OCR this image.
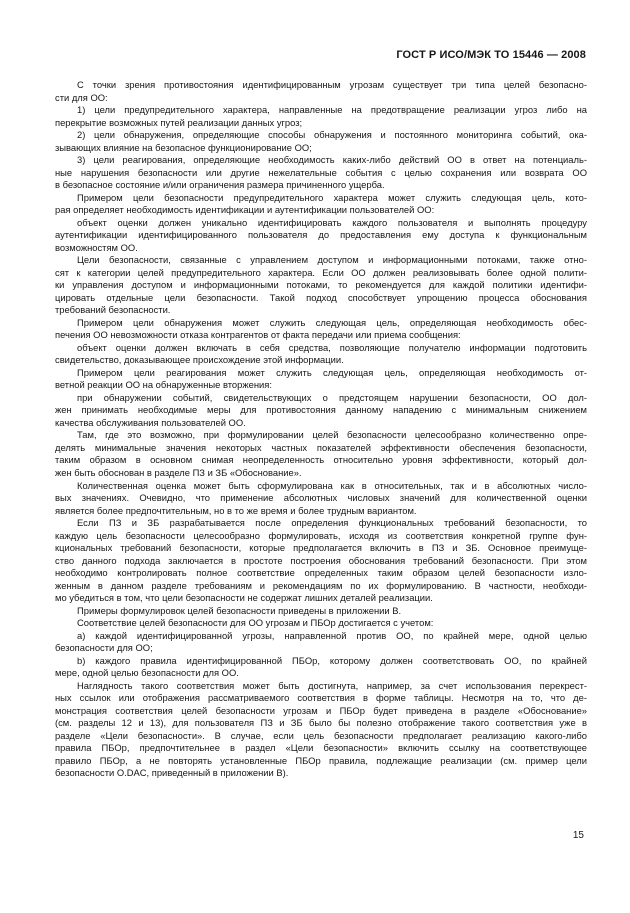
ГОСТ Р ИСО/МЭК ТО 15446 — 2008

С точки зрения противостояния идентифицированным угрозам существует три типа целей безопасно-
сти для ОО:

1) цели предупредительного характера, направленные на предотвращение реализации угроз либо на
перекрытие возможных путей реализации данных угроз;

2) цели обнаружения, определяющие способы обнаружения и постоянного мониторинга событий, ока-
зывающих влияние на безопасное функционирование ОО;

3) цели реагирования, определяющие необходимость каких-либо действий ОО в ответ на потенциаль-
ные нарушения безопасности или другие нежелательные события с целью сохранения или возврата ОО
в безопасное состояние и/или ограничения размера причиненного ущерба.

Примером цели безопасности предупредительного характера может служить следующая цель, кото-
рая определяет необходимость идентификации и аутентификации пользователей ОО:

объект оценки должен уникально идентифицировать каждого пользователя и выполнять процедуру
аутентификации идентифицированного пользователя до предоставления ему доступа к функциональным
возможностям ОО.

Цели безопасности, связанные с управлением доступом и информационными потоками, также отно-
сят к категории целей предупредительного характера. Если ОО должен реализовывать более одной полити-
ки управления доступом и информационными потоками, то рекомендуется для каждой политики идентифи-
цировать отдельные цели безопасности. Такой подход способствует упрощению процесса обоснования
требований безопасности.

Примером цели обнаружения может служить следующая цель, определяющая необходимость обес-
печения ОО невозможности отказа контрагентов от факта передачи или приема сообщения:

объект оценки должен включать в себя средства, позволяющие получателю информации подготовить
свидетельство, доказывающее происхождение этой информации.

Примером цели реагирования может служить следующая цель, определяющая необходимость от-
ветной реакции ОО на обнаруженные вторжения:

при обнаружении событий, свидетельствующих о предстоящем нарушении безопасности, ОО дол-
жен принимать необходимые меры для противостояния данному нападению с минимальным снижением
качества обслуживания пользователей ОО.

Там, где это возможно, при формулировании целей безопасности целесообразно количественно опре-
делять минимальные значения некоторых частных показателей эффективности обеспечения безопасности,
таким образом в основном снимая неопределенность относительно уровня эффективности, который дол-
жен быть обоснован в разделе ПЗ и ЗБ «Обоснование».

Количественная оценка может быть сформулирована как в относительных, так и в абсолютных число-
вых значениях. Очевидно, что применение абсолютных числовых значений для количественной оценки
является более предпочтительным, но в то же время и более трудным вариантом.

Если ПЗ и ЗБ разрабатывается после определения функциональных требований безопасности, то
каждую цель безопасности целесообразно формулировать, исходя из соответствия конкретной группе фун-
кциональных требований безопасности, которые предполагается включить в ПЗ и ЗБ. Основное преимуще-
ство данного подхода заключается в простоте построения обоснования требований безопасности. При этом
необходимо контролировать полное соответствие определенных таким образом целей безопасности изло-
женным в данном разделе требованиям и рекомендациям по их формулированию. В частности, необходи-
мо убедиться в том, что цели безопасности не содержат лишних деталей реализации.

Примеры формулировок целей безопасности приведены в приложении В.

Соответствие целей безопасности для ОО угрозам и ПБОр достигается с учетом:

а) каждой идентифицированной угрозы, направленной против ОО, по крайней мере, одной целью
безопасности для ОО;

b) каждого правила идентифицированной ПБОр, которому должен соответствовать ОО, по крайней
мере, одной целью безопасности для ОО.

Наглядность такого соответствия может быть достигнута, например, за счет использования перекрест-
ных ссылок или отображения рассматриваемого соответствия в форме таблицы. Несмотря на то, что де-
монстрация соответствия целей безопасности угрозам и ПБОр будет приведена в разделе «Обоснование»
(см. разделы 12 и 13), для пользователя ПЗ и ЗБ было бы полезно отображение такого соответствия уже в
разделе «Цели безопасности». В случае, если цель безопасности предполагает реализацию какого-либо
правила ПБОр, предпочтительнее в раздел «Цели безопасности» включить ссылку на соответствующее
правило ПБОр, а не повторять установленные ПБОр правила, подлежащие реализации (см. пример цели
безопасности O.DAC, приведенный в приложении В).

15
